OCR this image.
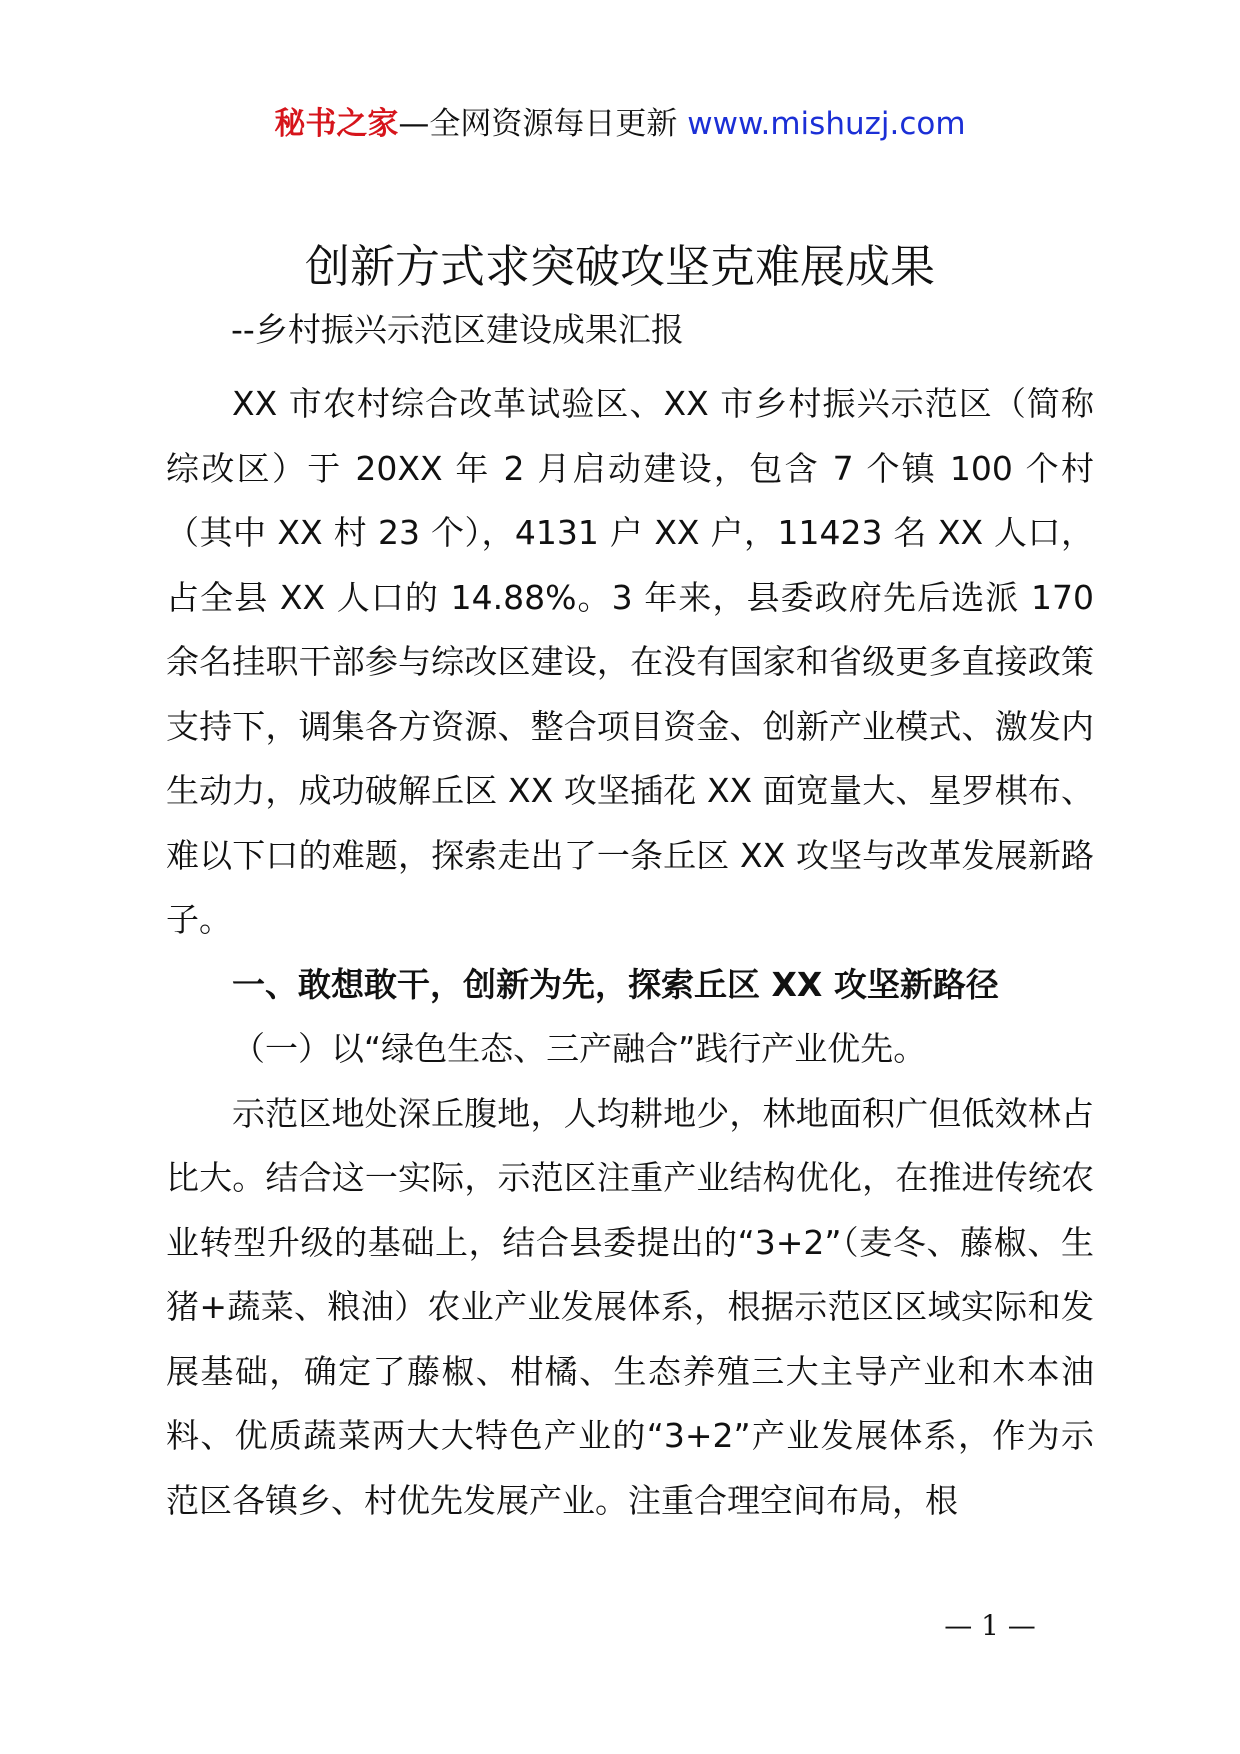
秘书之家—全网资源每日更新 www.mishuzj.com
创新方式求突破攻坚克难展成果
--乡村振兴示范区建设成果汇报

XX 市农村综合改革试验区、XX 市乡村振兴示范区（简称综改区）于 20XX 年 2 月启动建设，包含 7 个镇 100 个村（其中 XX 村 23 个），4131 户 XX 户，11423 名 XX 人口，占全县 XX 人口的 14.88%。3 年来，县委政府先后选派 170 余名挂职干部参与综改区建设，在没有国家和省级更多直接政策支持下，调集各方资源、整合项目资金、创新产业模式、激发内生动力，成功破解丘区 XX 攻坚插花 XX 面宽量大、星罗棋布、难以下口的难题，探索走出了一条丘区 XX 攻坚与改革发展新路子。

一、敢想敢干，创新为先，探索丘区 XX 攻坚新路径

（一）以“绿色生态、三产融合”践行产业优先。

示范区地处深丘腹地，人均耕地少，林地面积广但低效林占比大。结合这一实际，示范区注重产业结构优化，在推进传统农业转型升级的基础上，结合县委提出的“3+2”（麦冬、藤椒、生猪+蔬菜、粮油）农业产业发展体系，根据示范区区域实际和发展基础，确定了藤椒、柑橘、生态养殖三大主导产业和木本油料、优质蔬菜两大大特色产业的“3+2”产业发展体系，作为示范区各镇乡、村优先发展产业。注重合理空间布局，根

— 1 —
